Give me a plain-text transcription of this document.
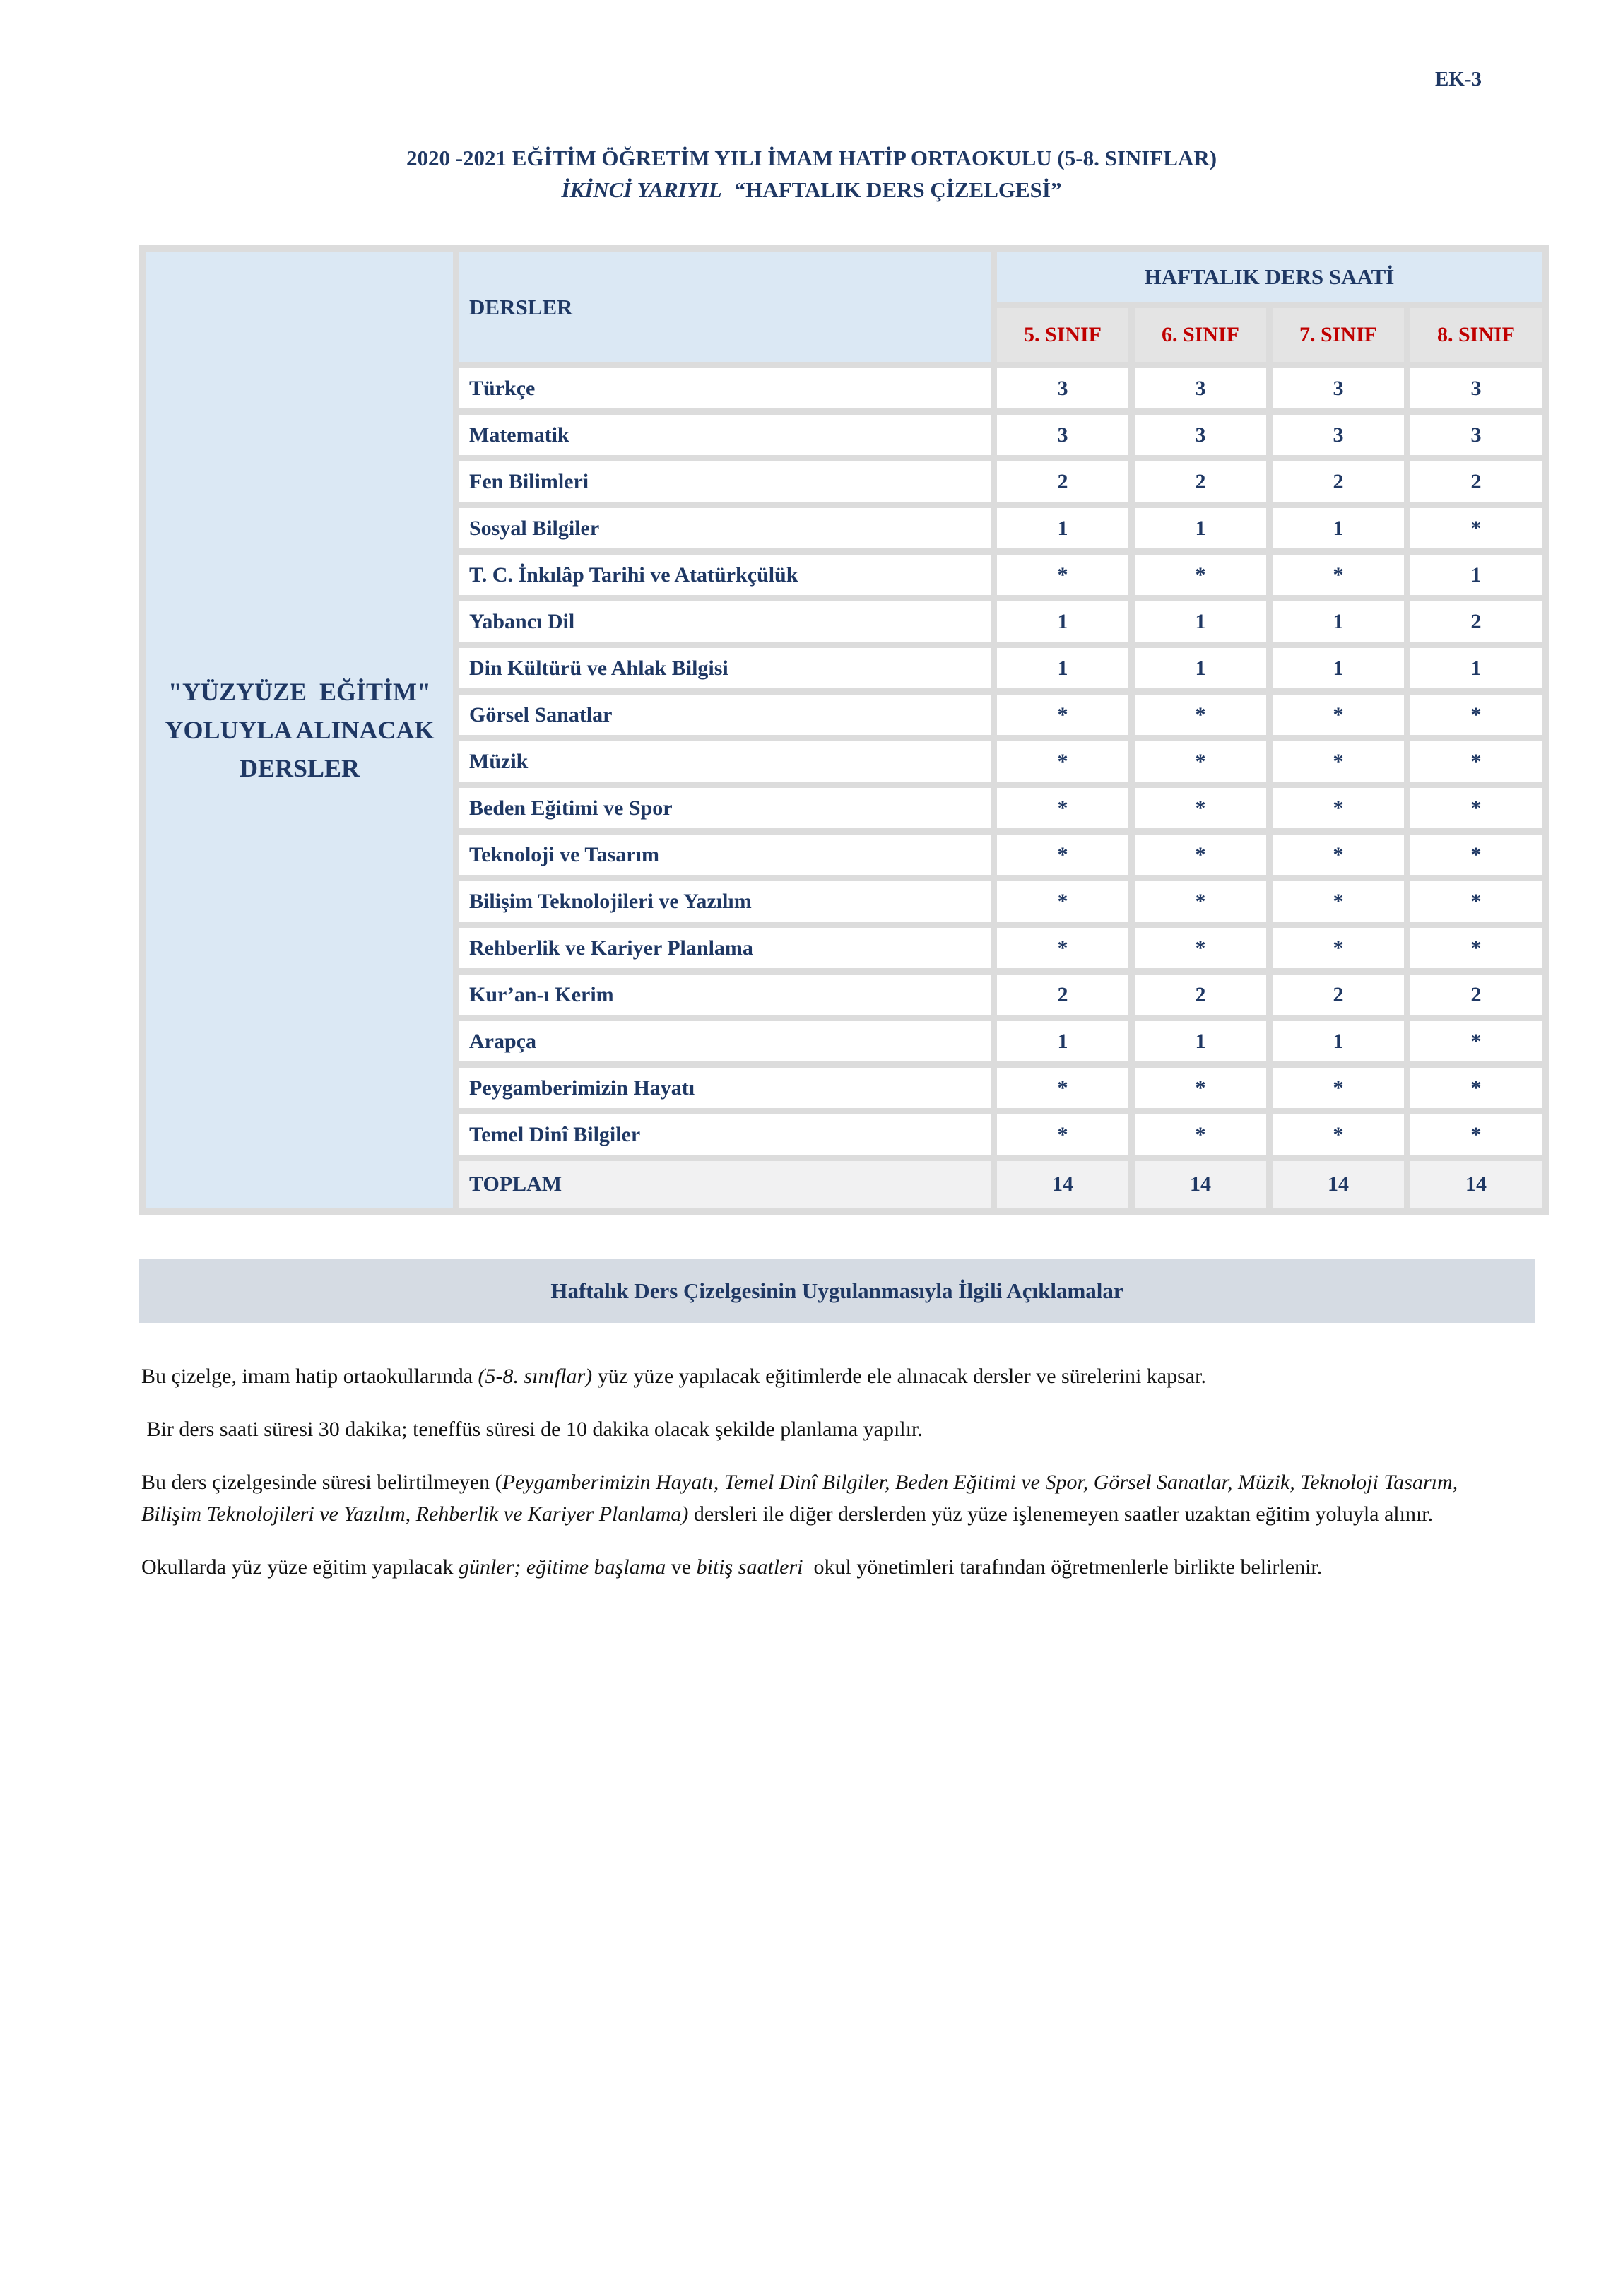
EK-3
2020 -2021 EĞİTİM ÖĞRETİM YILI İMAM HATİP ORTAOKULU (5-8. SINIFLAR)
İKİNCİ YARIYIL “HAFTALIK DERS ÇİZELGESİ”
"YÜZYÜZE  EĞİTİM"
YOLUYLA ALINACAK
DERSLER
DERSLER
HAFTALIK DERS SAATİ
5. SINIF	6. SINIF	7. SINIF	8. SINIF
Türkçe	3	3	3	3
Matematik	3	3	3	3
Fen Bilimleri	2	2	2	2
Sosyal Bilgiler	1	1	1	*
T. C. İnkılâp Tarihi ve Atatürkçülük	*	*	*	1
Yabancı Dil	1	1	1	2
Din Kültürü ve Ahlak Bilgisi	1	1	1	1
Görsel Sanatlar	*	*	*	*
Müzik	*	*	*	*
Beden Eğitimi ve Spor	*	*	*	*
Teknoloji ve Tasarım	*	*	*	*
Bilişim Teknolojileri ve Yazılım	*	*	*	*
Rehberlik ve Kariyer Planlama	*	*	*	*
Kur’an-ı Kerim	2	2	2	2
Arapça	1	1	1	*
Peygamberimizin Hayatı	*	*	*	*
Temel Dinî Bilgiler	*	*	*	*
TOPLAM	14	14	14	14
Haftalık Ders Çizelgesinin Uygulanmasıyla İlgili Açıklamalar

Bu çizelge, imam hatip ortaokullarında (5-8. sınıflar) yüz yüze yapılacak eğitimlerde ele alınacak dersler ve sürelerini kapsar.

Bir ders saati süresi 30 dakika; teneffüs süresi de 10 dakika olacak şekilde planlama yapılır.

Bu ders çizelgesinde süresi belirtilmeyen (Peygamberimizin Hayatı, Temel Dinî Bilgiler, Beden Eğitimi ve Spor, Görsel Sanatlar, Müzik, Teknoloji Tasarım, Bilişim Teknolojileri ve Yazılım, Rehberlik ve Kariyer Planlama) dersleri ile diğer derslerden yüz yüze işlenemeyen saatler uzaktan eğitim yoluyla alınır.

Okullarda yüz yüze eğitim yapılacak günler; eğitime başlama ve bitiş saatleri  okul yönetimleri tarafından öğretmenlerle birlikte belirlenir.
